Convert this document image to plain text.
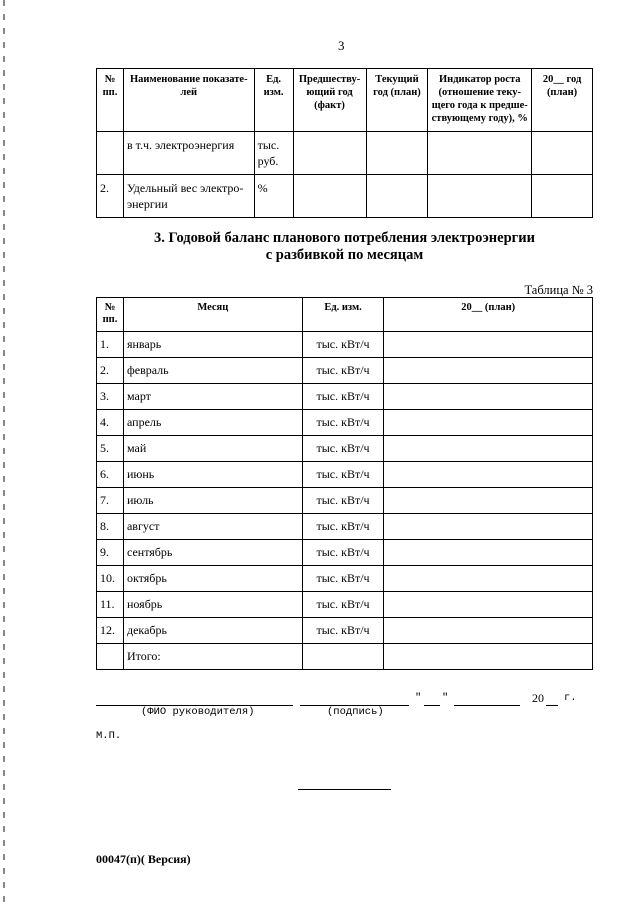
3
№ пп.	Наименование показате-лей	Ед. изм.	Предшеству-ющий год (факт)	Текущий год (план)	Индикатор роста (отношение теку-щего года к предше-ствующему году), %	20__ год (план)
	в т.ч. электроэнергия	тыс. руб.				
2.	Удельный вес электро-энергии	%				
3. Годовой баланс планового потребления электроэнергии
с разбивкой по месяцам
Таблица № 3
№ пп.	Месяц	Ед. изм.	20__ (план)
1.	январь	тыс. кВт/ч	
2.	февраль	тыс. кВт/ч	
3.	март	тыс. кВт/ч	
4.	апрель	тыс. кВт/ч	
5.	май	тыс. кВт/ч	
6.	июнь	тыс. кВт/ч	
7.	июль	тыс. кВт/ч	
8.	август	тыс. кВт/ч	
9.	сентябрь	тыс. кВт/ч	
10.	октябрь	тыс. кВт/ч	
11.	ноябрь	тыс. кВт/ч	
12.	декабрь	тыс. кВт/ч	
	Итого:		
" "	20 г.
(ФИО руководителя)	(подпись)
М.П.
00047(п)( Версия)
